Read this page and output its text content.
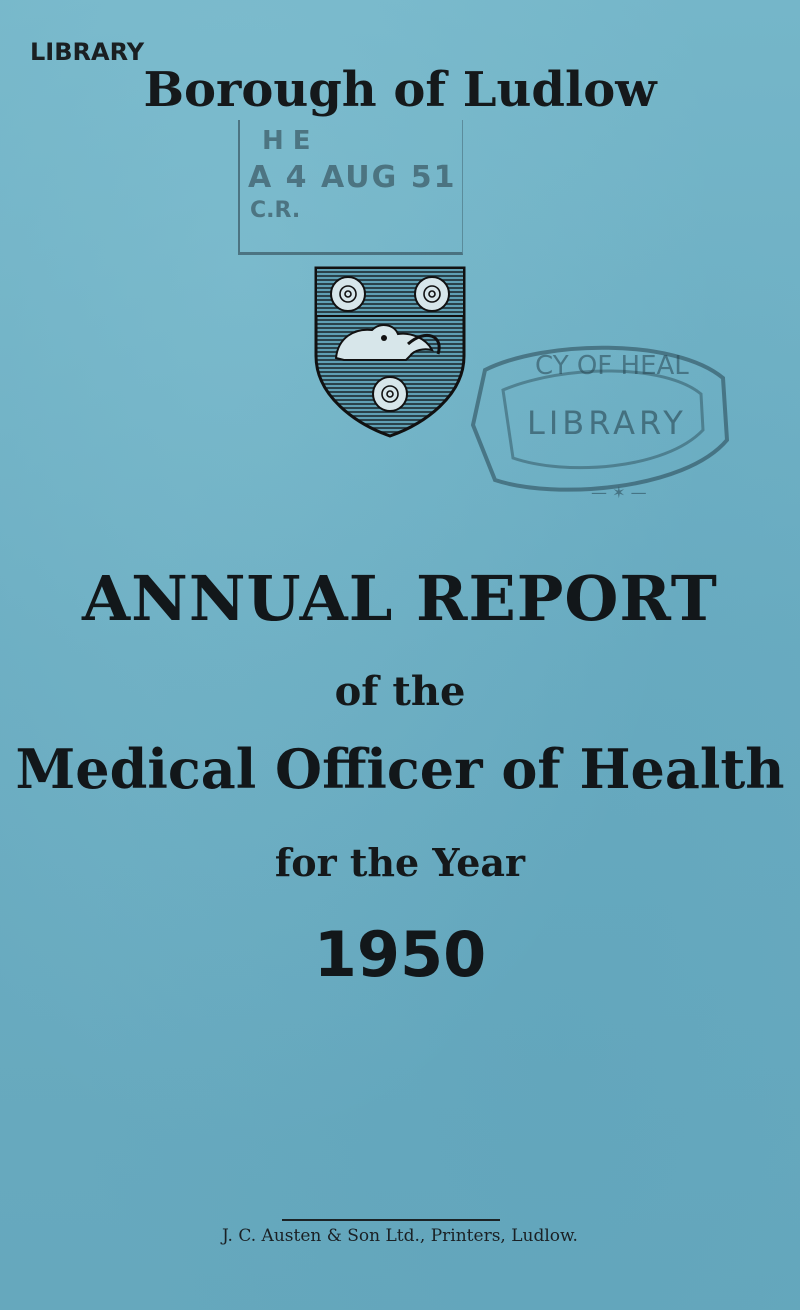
LIBRARY
Borough of Ludlow
H E
A 4 AUG 51
C.R.
CY OF HEAL
LIBRARY
— ✶ —
ANNUAL REPORT
of the
Medical Officer of Health
for the Year
1950
J. C. Austen & Son Ltd., Printers, Ludlow.
